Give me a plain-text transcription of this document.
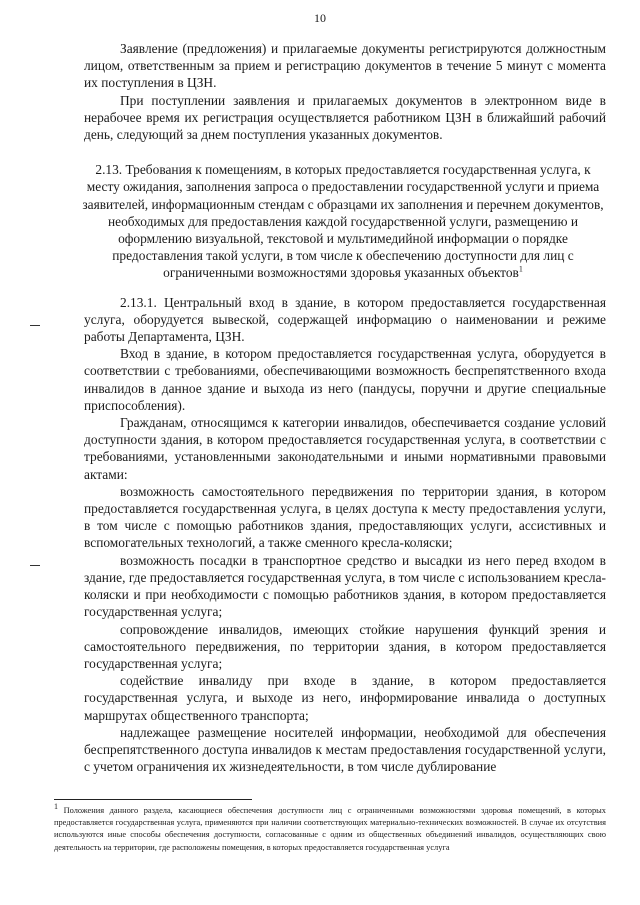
10

Заявление (предложения) и прилагаемые документы регистрируются должностным лицом, ответственным за прием и регистрацию документов в течение 5 минут с момента их поступления в ЦЗН.

При поступлении заявления и прилагаемых документов в электронном виде в нерабочее время их регистрация осуществляется работником ЦЗН в ближайший рабочий день, следующий за днем поступления указанных документов.

2.13. Требования к помещениям, в которых предоставляется государственная услуга, к месту ожидания, заполнения запроса о предоставлении государственной услуги и приема заявителей, информационным стендам с образцами их заполнения и перечнем документов, необходимых для предоставления каждой государственной услуги, размещению и оформлению визуальной, текстовой и мультимедийной информации о порядке предоставления такой услуги, в том числе к обеспечению доступности для лиц с ограниченными возможностями здоровья указанных объектов$^1$

2.13.1. Центральный вход в здание, в котором предоставляется государственная услуга, оборудуется вывеской, содержащей информацию о наименовании и режиме работы Департамента, ЦЗН.

Вход в здание, в котором предоставляется государственная услуга, оборудуется в соответствии с требованиями, обеспечивающими возможность беспрепятственного входа инвалидов в данное здание и выхода из него (пандусы, поручни и другие специальные приспособления).

Гражданам, относящимся к категории инвалидов, обеспечивается создание условий доступности здания, в котором предоставляется государственная услуга, в соответствии с требованиями, установленными законодательными и иными нормативными правовыми актами:

возможность самостоятельного передвижения по территории здания, в котором предоставляется государственная услуга, в целях доступа к месту предоставления услуги, в том числе с помощью работников здания, предоставляющих услуги, ассистивных и вспомогательных технологий, а также сменного кресла-коляски;

возможность посадки в транспортное средство и высадки из него перед входом в здание, где предоставляется государственная услуга, в том числе с использованием кресла-коляски и при необходимости с помощью работников здания, в котором предоставляется государственная услуга;

сопровождение инвалидов, имеющих стойкие нарушения функций зрения и самостоятельного передвижения, по территории здания, в котором предоставляется государственная услуга;

содействие инвалиду при входе в здание, в котором предоставляется государственная услуга, и выходе из него, информирование инвалида о доступных маршрутах общественного транспорта;

надлежащее размещение носителей информации, необходимой для обеспечения беспрепятственного доступа инвалидов к местам предоставления государственной услуги, с учетом ограничения их жизнедеятельности, в том числе дублирование

$^1$ Положения данного раздела, касающиеся обеспечения доступности лиц с ограниченными возможностями здоровья помещений, в которых предоставляется государственная услуга, применяются при наличии соответствующих материально-технических возможностей. В случае их отсутствия используются иные способы обеспечения доступности, согласованные с одним из общественных объединений инвалидов, осуществляющих свою деятельность на территории, где расположены помещения, в которых предоставляется государственная услуга
